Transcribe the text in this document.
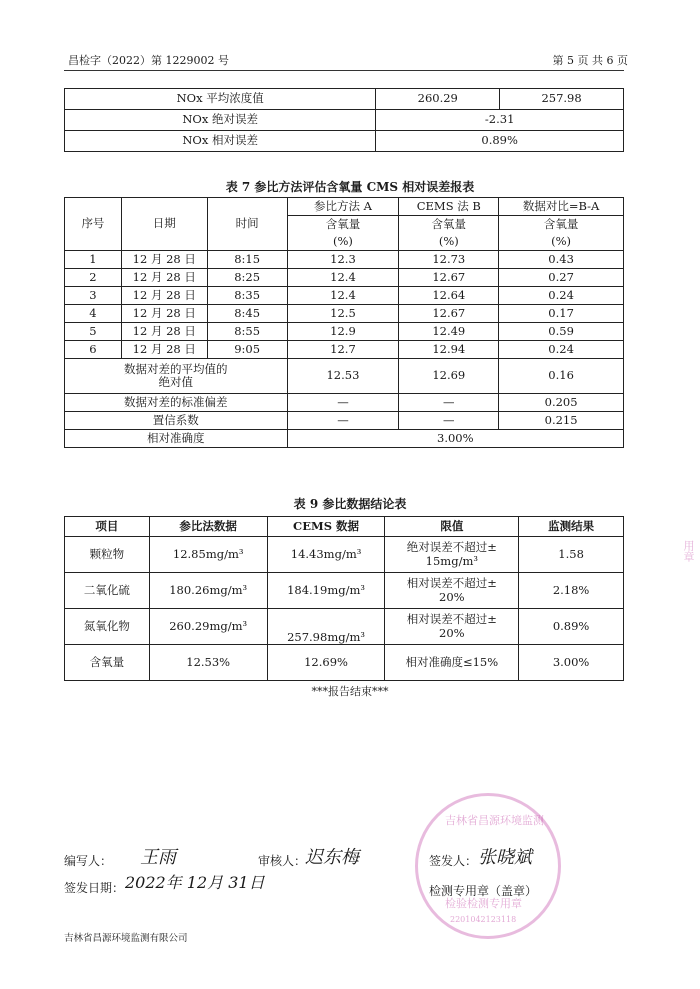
昌检字（2022）第 1229002 号	第 5 页 共 6 页
NOx 平均浓度值	260.29	257.98
NOx 绝对误差	-2.31	
NOx 相对误差	0.89%	
表 7 参比方法评估含氧量 CMS 相对误差报表
序号	日期	时间	参比方法 A	CEMS 法 B	数据对比=B-A
			含氧量	含氧量	含氧量
			(%)	(%)	(%)
1	12 月 28 日	8:15	12.3	12.73	0.43
2	12 月 28 日	8:25	12.4	12.67	0.27
3	12 月 28 日	8:35	12.4	12.64	0.24
4	12 月 28 日	8:45	12.5	12.67	0.17
5	12 月 28 日	8:55	12.9	12.49	0.59
6	12 月 28 日	9:05	12.7	12.94	0.24
数据对差的平均值的
绝对值			12.53	12.69	0.16
数据对差的标准偏差			—	—	0.205
置信系数			—	—	0.215
相对准确度			3.00%		
表 9 参比数据结论表
项目	参比法数据	CEMS 数据	限值	监测结果
颗粒物	12.85mg/m³	14.43mg/m³	绝对误差不超过±
15mg/m³	1.58
二氧化硫	180.26mg/m³	184.19mg/m³	相对误差不超过±
20%	2.18%
氮氧化物	260.29mg/m³	257.98mg/m³	相对误差不超过±
20%	0.89%
含氧量	12.53%	12.69%	相对准确度≤15%	3.00%
***报告结束***
吉林省昌源环境监测
检验检测专用章
2201042123118
用章
编写人： 王雨	审核人：
迟东梅	签发人： 张晓斌
签发日期： 2022年 12月 31日	检测专用章（盖章）
吉林省昌源环境监测有限公司
